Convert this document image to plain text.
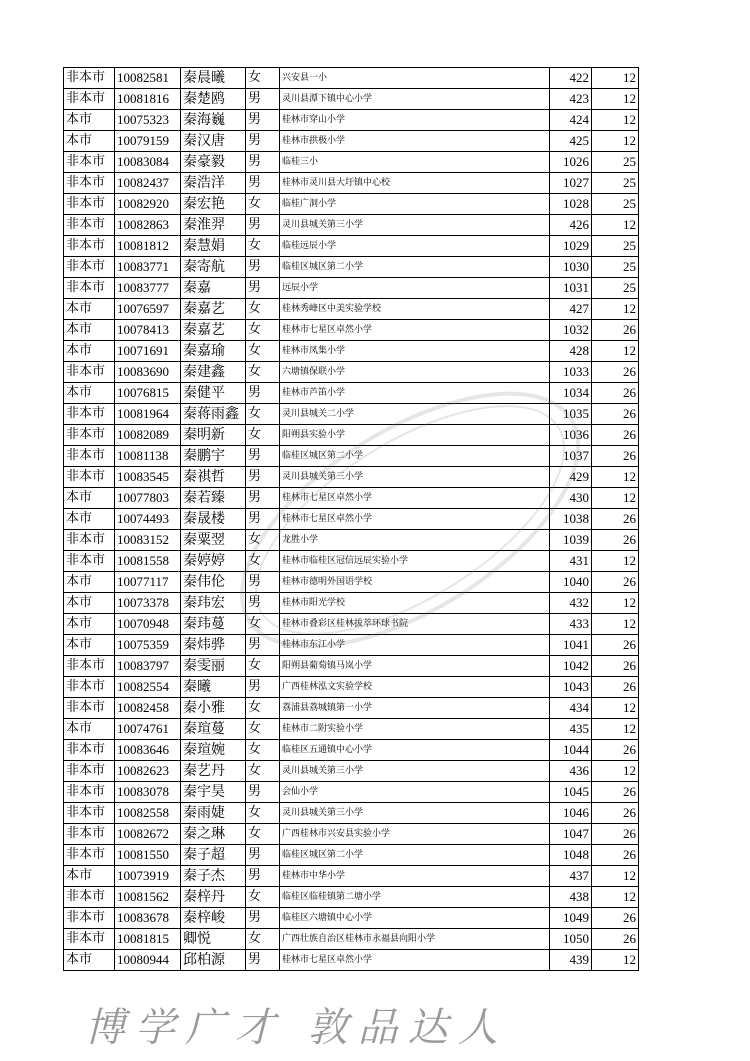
非本市	10082581	秦晨曦	女	兴安县一小	422	12
非本市	10081816	秦楚鸥	男	灵川县潭下镇中心小学	423	12
本市	10075323	秦海巍	男	桂林市穿山小学	424	12
本市	10079159	秦汉唐	男	桂林市拱极小学	425	12
非本市	10083084	秦豪毅	男	临桂三小	1026	25
非本市	10082437	秦浩洋	男	桂林市灵川县大圩镇中心校	1027	25
非本市	10082920	秦宏艳	女	临桂广洞小学	1028	25
非本市	10082863	秦淮羿	男	灵川县城关第三小学	426	12
非本市	10081812	秦慧娟	女	临桂远辰小学	1029	25
非本市	10083771	秦寄航	男	临桂区城区第二小学	1030	25
非本市	10083777	秦嘉	男	远辰小学	1031	25
本市	10076597	秦嘉艺	女	桂林秀峰区中美实验学校	427	12
本市	10078413	秦嘉艺	女	桂林市七星区卓然小学	1032	26
本市	10071691	秦嘉瑜	女	桂林市凤集小学	428	12
非本市	10083690	秦建鑫	女	六塘镇保联小学	1033	26
本市	10076815	秦健平	男	桂林市芦笛小学	1034	26
非本市	10081964	秦蒋雨鑫	女	灵川县城关二小学	1035	26
非本市	10082089	秦明新	女	阳朔县实验小学	1036	26
非本市	10081138	秦鹏宇	男	临桂区城区第二小学	1037	26
非本市	10083545	秦祺哲	男	灵川县城关第三小学	429	12
本市	10077803	秦若臻	男	桂林市七星区卓然小学	430	12
本市	10074493	秦晟楼	男	桂林市七星区卓然小学	1038	26
非本市	10083152	秦粟翌	女	龙胜小学	1039	26
非本市	10081558	秦婷婷	女	桂林市临桂区冠信远辰实验小学	431	12
本市	10077117	秦伟伦	男	桂林市德明外国语学校	1040	26
本市	10073378	秦玮宏	男	桂林市阳光学校	432	12
本市	10070948	秦玮蔓	女	桂林市叠彩区桂林拔萃环球书院	433	12
本市	10075359	秦炜骅	男	桂林市东江小学	1041	26
非本市	10083797	秦雯丽	女	阳朔县葡萄镇马岚小学	1042	26
非本市	10082554	秦曦	男	广西桂林泓文实验学校	1043	26
非本市	10082458	秦小雅	女	荔浦县荔城镇第一小学	434	12
本市	10074761	秦瑄蔓	女	桂林市二附实验小学	435	12
非本市	10083646	秦瑄婉	女	临桂区五通镇中心小学	1044	26
非本市	10082623	秦艺丹	女	灵川县城关第三小学	436	12
非本市	10083078	秦宇昊	男	会仙小学	1045	26
非本市	10082558	秦雨婕	女	灵川县城关第三小学	1046	26
非本市	10082672	秦之琳	女	广西桂林市兴安县实验小学	1047	26
非本市	10081550	秦子超	男	临桂区城区第二小学	1048	26
本市	10073919	秦子杰	男	桂林市中华小学	437	12
非本市	10081562	秦梓丹	女	临桂区临桂镇第二塘小学	438	12
非本市	10083678	秦梓峻	男	临桂区六塘镇中心小学	1049	26
非本市	10081815	卿悦	女	广西壮族自治区桂林市永福县向阳小学	1050	26
本市	10080944	邱柏源	男	桂林市七星区卓然小学	439	12
博学广才 敦品达人
